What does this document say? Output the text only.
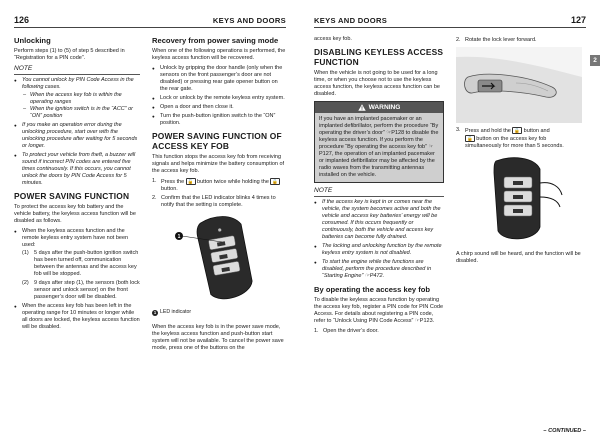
126	KEYS AND DOORS
Unlocking

Perform steps (1) to (5) of step 5 described in “Registration for a PIN code”.

NOTE
● You cannot unlock by PIN Code Access in the following cases.
– When the access key fob is within the operating ranges
– When the ignition switch is in the “ACC” or “ON” position
● If you make an operation error during the unlocking procedure, start over with the unlocking procedure after waiting for 5 seconds or longer.
● To protect your vehicle from theft, a buzzer will sound if incorrect PIN codes are entered five times continuously. If this occurs, you cannot unlock the doors by PIN Code Access for 5 minutes.
POWER SAVING FUNCTION

To protect the access key fob battery and the vehicle battery, the keyless access function will be disabled as follows.

● When the keyless access function and the remote keyless entry system have not been used:
(1) 5 days after the push-button ignition switch has been turned off, communication between the antennas and the access key fob will be stopped.
(2) 9 days after step (1), the sensors (both lock sensor and unlock sensor) on the front passenger’s door will be disabled.
● When the access key fob has been left in the operating range for 10 minutes or longer while all doors are locked, the keyless access function will be disabled.
Recovery from power saving mode

When one of the following operations is performed, the keyless access function will be recovered.

● Unlock by gripping the door handle (only when the sensors on the front passenger’s door are not disabled) or pressing rear gate opener button on the rear gate.
● Lock or unlock by the remote keyless entry system.
● Open a door and then close it.
● Turn the push-button ignition switch to the “ON” position.
POWER SAVING FUNCTION OF ACCESS KEY FOB

This function stops the access key fob from receiving signals and helps minimize the battery consumption of the access key fob.

1. Press the 🔓 button twice while holding the 🔒 button.
2. Confirm that the LED indicator blinks 4 times to notify that the setting is complete.
1
1 LED indicator

When the access key fob is in the power save mode, the keyless access function and push-button start system will not be available. To cancel the power save mode, press one of the buttons on the

KEYS AND DOORS	127
2

access key fob.

DISABLING KEYLESS ACCESS FUNCTION

When the vehicle is not going to be used for a long time, or when you choose not to use the keyless access function, the keyless access function can be disabled.

WARNING
If you have an implanted pacemaker or an implanted defibrillator, perform the procedure “By operating the driver’s door” ☞P128 to disable the keyless access function. If you perform the procedure “By operating the access key fob” ☞P127, the operation of an implanted pacemaker or implanted defibrillator may be affected by the radio waves from the transmitting antennas installed on the vehicle.
NOTE
● If the access key is kept in or comes near the vehicle, the system becomes active and both the vehicle and access key batteries’ energy will be consumed. If this occurs frequently or continuously, both the vehicle and access key batteries can become fully drained.
● The locking and unlocking function by the remote keyless entry system is not disabled.
● To start the engine while the functions are disabled, perform the procedure described in “Starting Engine” ☞P472.
By operating the access key fob

To disable the keyless access function by operating the access key fob, register a PIN code for PIN Code Access. For details about registering a PIN code, refer to “Unlock Using PIN Code Access” ☞P123.

1. Open the driver’s door.
2. Rotate the lock lever forward.
3. Press and hold the 🔒 button and
🔓 button on the access key fob simultaneously for more than 5 seconds.

A chirp sound will be heard, and the function will be disabled.

– CONTINUED –
